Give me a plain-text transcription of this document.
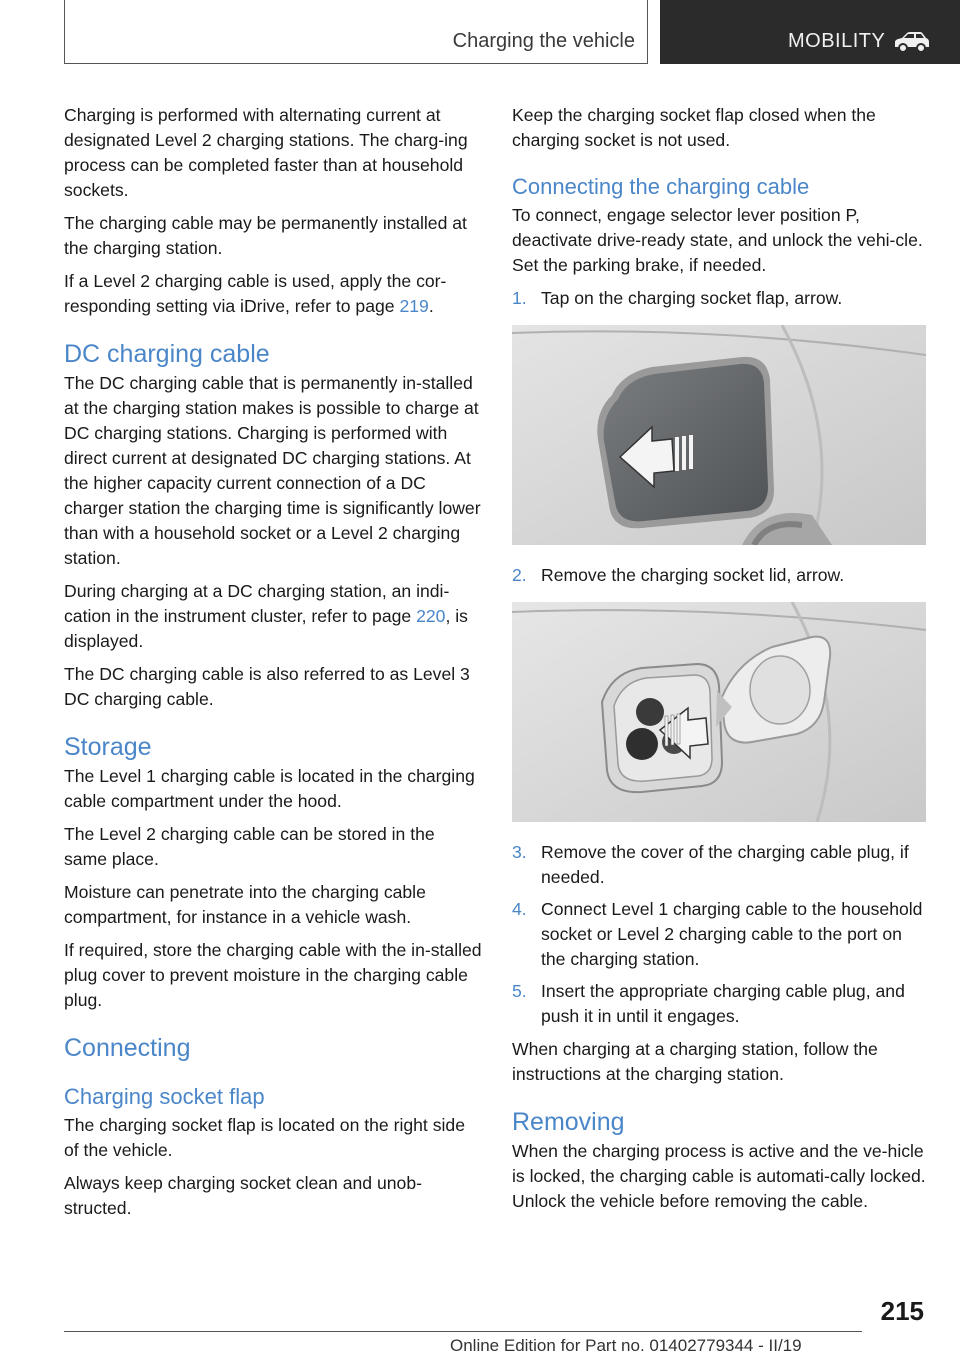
Charging the vehicle	MOBILITY

Charging is performed with alternating current at designated Level 2 charging stations. The charg-ing process can be completed faster than at household sockets.

The charging cable may be permanently installed at the charging station.

If a Level 2 charging cable is used, apply the cor-responding setting via iDrive, refer to page 219.

DC charging cable

The DC charging cable that is permanently in-stalled at the charging station makes is possible to charge at DC charging stations. Charging is performed with direct current at designated DC charging stations. At the higher capacity current connection of a DC charger station the charging time is significantly lower than with a household socket or a Level 2 charging station.

During charging at a DC charging station, an indi-cation in the instrument cluster, refer to page 220, is displayed.

The DC charging cable is also referred to as Level 3 DC charging cable.

Storage

The Level 1 charging cable is located in the charging cable compartment under the hood.

The Level 2 charging cable can be stored in the same place.

Moisture can penetrate into the charging cable compartment, for instance in a vehicle wash.

If required, store the charging cable with the in-stalled plug cover to prevent moisture in the charging cable plug.

Connecting
Charging socket flap

The charging socket flap is located on the right side of the vehicle.

Always keep charging socket clean and unob-structed.

Keep the charging socket flap closed when the charging socket is not used.

Connecting the charging cable

To connect, engage selector lever position P, deactivate drive-ready state, and unlock the vehi-cle. Set the parking brake, if needed.

1. Tap on the charging socket flap, arrow.
2. Remove the charging socket lid, arrow.
3. Remove the cover of the charging cable plug, if needed.
4. Connect Level 1 charging cable to the household socket or Level 2 charging cable to the port on the charging station.
5. Insert the appropriate charging cable plug, and push it in until it engages.

When charging at a charging station, follow the instructions at the charging station.

Removing

When the charging process is active and the ve-hicle is locked, the charging cable is automati-cally locked. Unlock the vehicle before removing the cable.

215
Online Edition for Part no. 01402779344 - II/19
